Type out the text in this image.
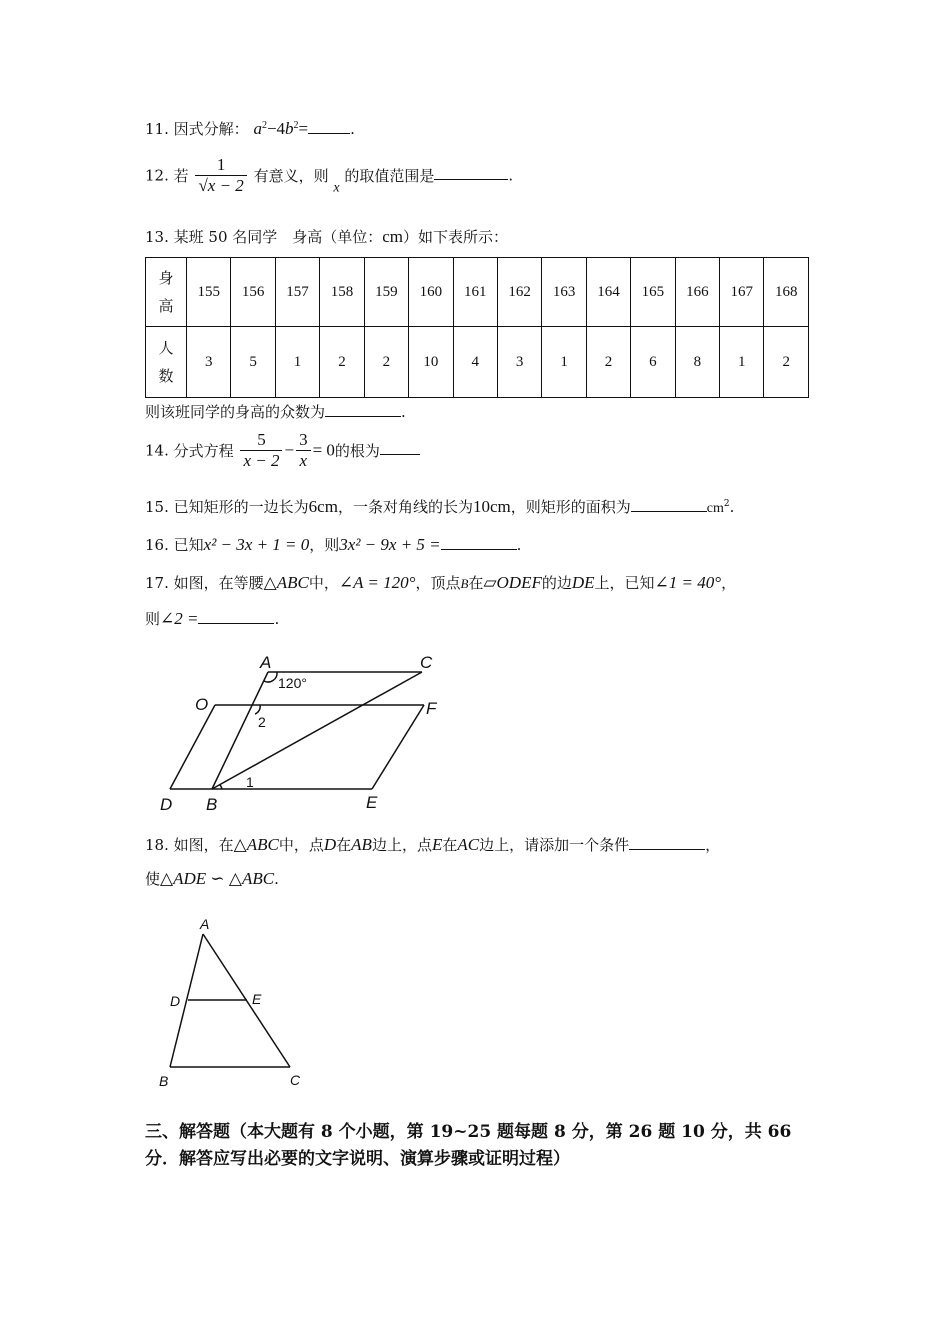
11. 因式分解： $a^2-4b^2=$	.
12. 若 $\frac{1}{√x - 2}$ 有意义，则 x 的取值范围是	.
13. 某班 50 名同学　身高（单位：cm）如下表所示：
身
高	155	156	157	158	159	160	161	162	163	164	165	166	167	168
人
数	3	5	1	2	2	10	4	3	1	2	6	8	1	2
则该班同学的身高的众数为	.
14. 分式方程 $\frac{5}{x - 2} - \frac{3}{x} = 0$的根为
15. 已知矩形的一边长为6cm，一条对角线的长为10cm，则矩形的面积为	$cm^2$.
16. 已知x² − 3x + 1 = 0，则3x² − 9x + 5 =	.
17. 如图，在等腰△ABC中，∠A = 120°，顶点B在▱ODEF的边DE上，已知∠1 = 40°，
则∠2 =	.
A	C
O	F
D B	E
120°
2
1
18. 如图，在△ABC中，点D在AB边上，点E在AC边上，请添加一个条件	，
使△ADE ∽ △ABC.
A
D	E
B	C
三、解答题（本大题有 8 个小题，第 19~25 题每题 8 分，第 26 题 10 分，共 66
分．解答应写出必要的文字说明、演算步骤或证明过程）
